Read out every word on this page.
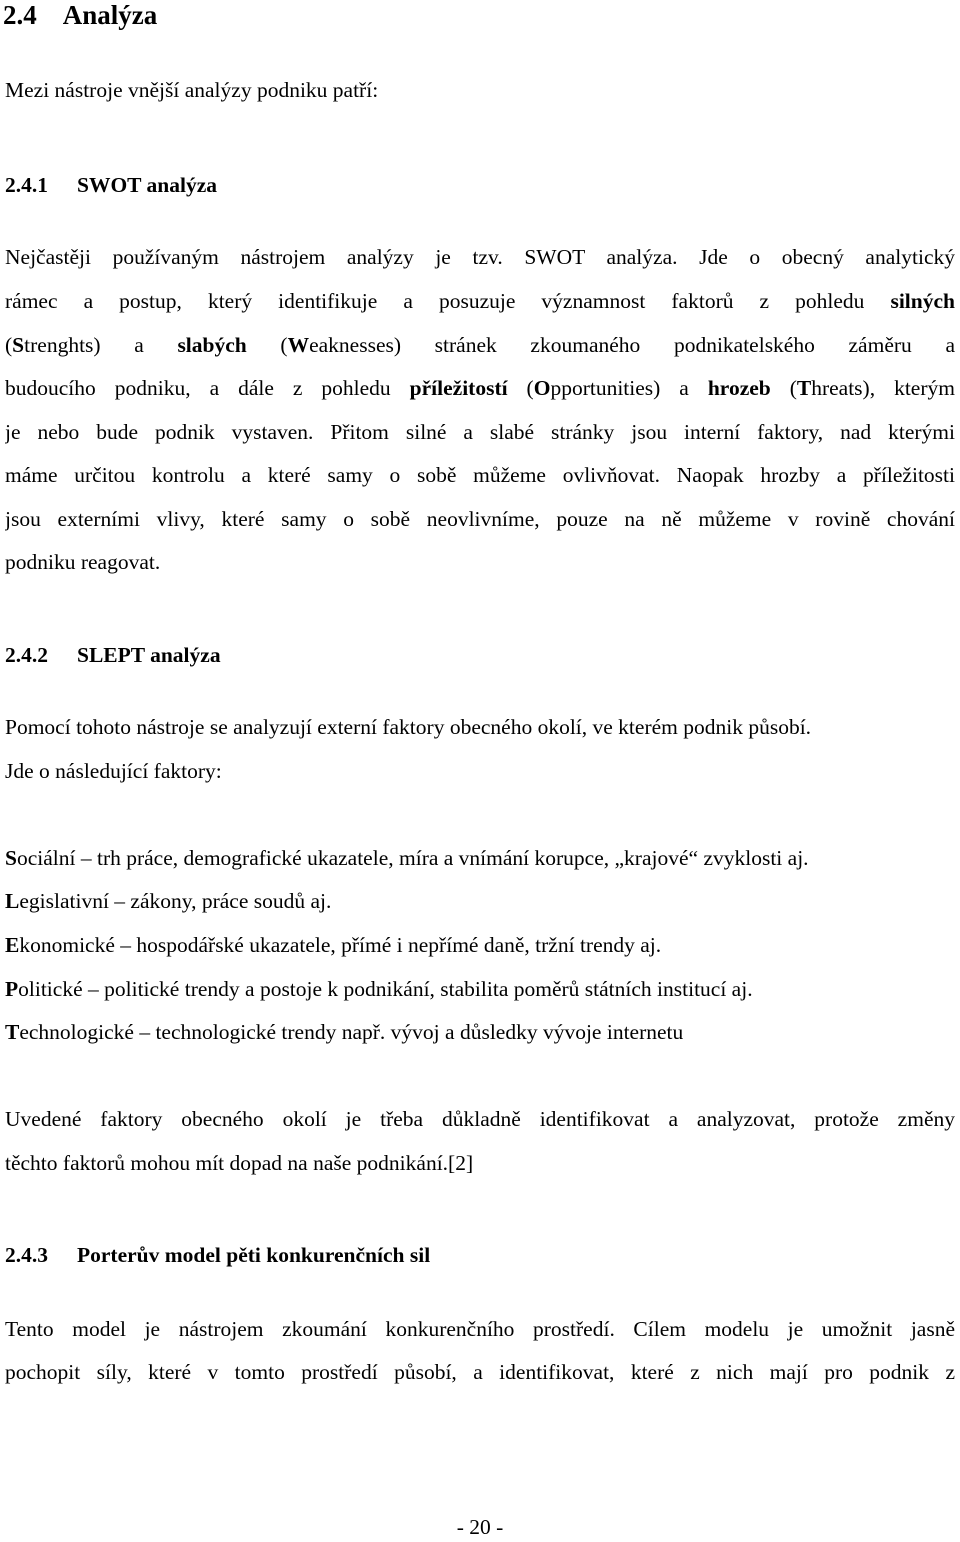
2.4 Analýza
Mezi nástroje vnější analýzy podniku patří:
2.4.1 SWOT analýza
Nejčastěji používaným nástrojem analýzy je tzv. SWOT analýza. Jde o obecný analytický
rámec a postup, který identifikuje a posuzuje významnost faktorů z pohledu silných
(Strenghts) a slabých (Weaknesses) stránek zkoumaného podnikatelského záměru a
budoucího podniku, a dále z pohledu příležitostí (Opportunities) a hrozeb (Threats), kterým
je nebo bude podnik vystaven. Přitom silné a slabé stránky jsou interní faktory, nad kterými
máme určitou kontrolu a které samy o sobě můžeme ovlivňovat. Naopak hrozby a příležitosti
jsou externími vlivy, které samy o sobě neovlivníme, pouze na ně můžeme v rovině chování
podniku reagovat.
2.4.2 SLEPT analýza
Pomocí tohoto nástroje se analyzují externí faktory obecného okolí, ve kterém podnik působí.
Jde o následující faktory:
Sociální – trh práce, demografické ukazatele, míra a vnímání korupce, „krajové“ zvyklosti aj.
Legislativní – zákony, práce soudů aj.
Ekonomické – hospodářské ukazatele, přímé i nepřímé daně, tržní trendy aj.
Politické – politické trendy a postoje k podnikání, stabilita poměrů státních institucí aj.
Technologické – technologické trendy např. vývoj a důsledky vývoje internetu
Uvedené faktory obecného okolí je třeba důkladně identifikovat a analyzovat, protože změny
těchto faktorů mohou mít dopad na naše podnikání.[2]
2.4.3 Porterův model pěti konkurenčních sil
Tento model je nástrojem zkoumání konkurenčního prostředí. Cílem modelu je umožnit jasně
pochopit síly, které v tomto prostředí působí, a identifikovat, které z nich mají pro podnik z
- 20 -
